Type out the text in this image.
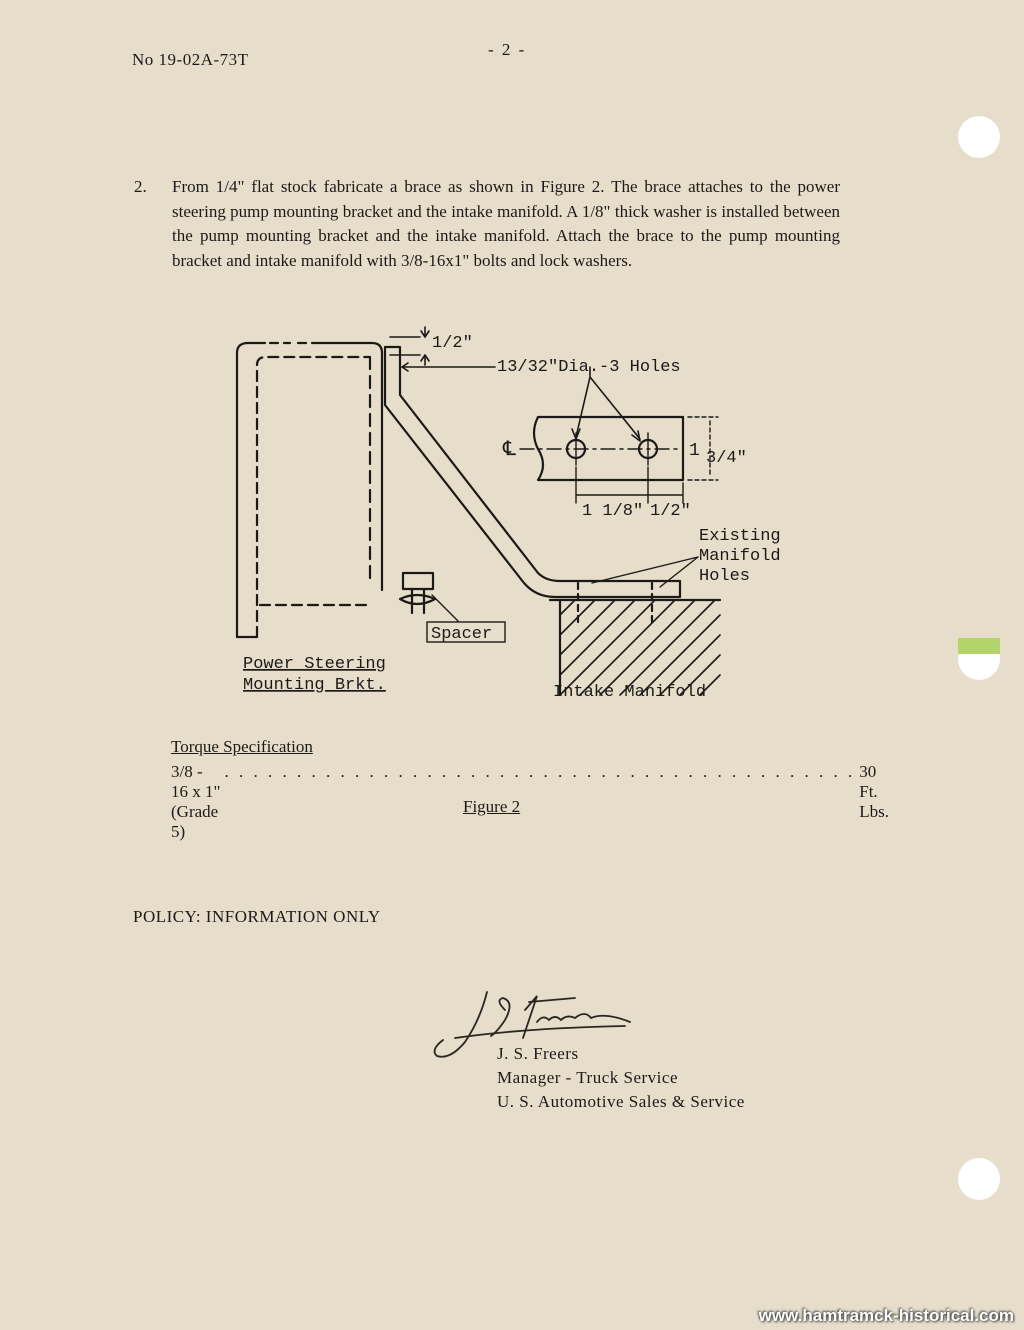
No 19-02A-73T
- 2 -
2. From 1/4" flat stock fabricate a brace as shown in Figure 2. The brace attaches to the power steering pump mounting bracket and the intake manifold. A 1/8" thick washer is installed between the pump mounting bracket and the intake manifold. Attach the brace to the pump mounting bracket and intake manifold with 3/8-16x1" bolts and lock washers.
1/2"
13/32"Dia.-3 Holes
℄	1 3/4"
1 1/8" 1/2"
Existing
Manifold
Holes
Spacer
Power Steering
Mounting Brkt.	Intake Manifold
Torque Specification
3/8 - 16 x 1" (Grade 5)
. . . . . . . . . . . . . . . . . . . . . . . . . . . . . . . . . . . . . . . . . . . . 30 Ft. Lbs.
Figure 2
POLICY: INFORMATION ONLY
J. S. Freers
Manager - Truck Service
U. S. Automotive Sales & Service
www.hamtramck-historical.com
